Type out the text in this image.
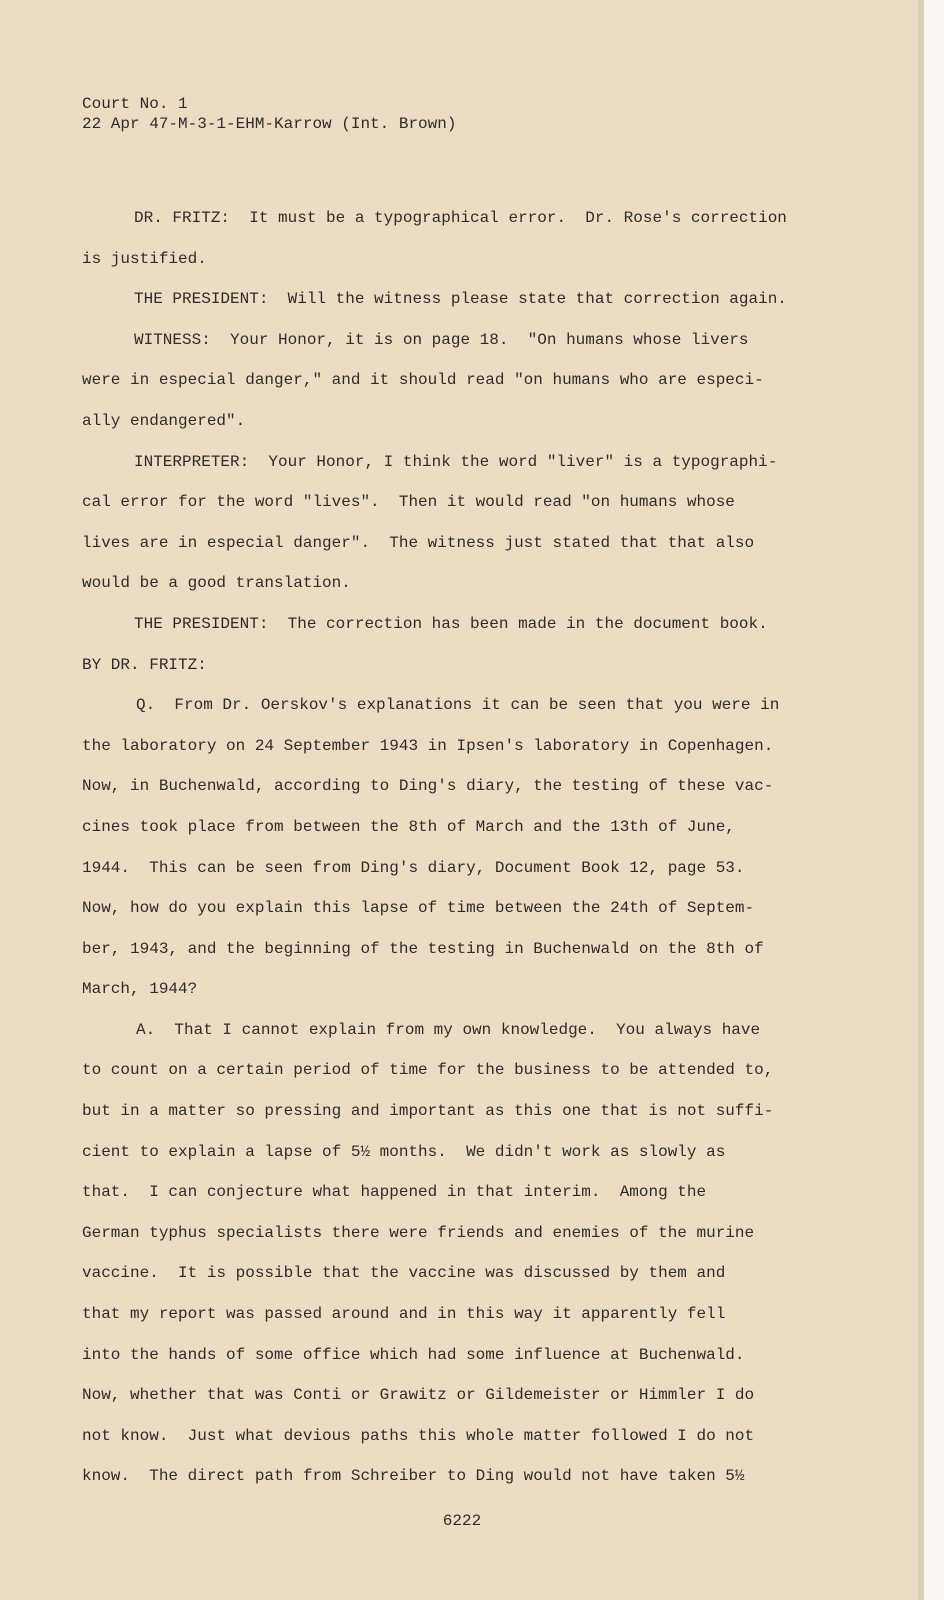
Court No. 1
22 Apr 47-M-3-1-EHM-Karrow (Int. Brown)
DR. FRITZ:  It must be a typographical error.  Dr. Rose's correction
is justified.
THE PRESIDENT:  Will the witness please state that correction again.
WITNESS:  Your Honor, it is on page 18.  "On humans whose livers
were in especial danger," and it should read "on humans who are especi-
ally endangered".
INTERPRETER:  Your Honor, I think the word "liver" is a typographi-
cal error for the word "lives".  Then it would read "on humans whose
lives are in especial danger".  The witness just stated that that also
would be a good translation.
THE PRESIDENT:  The correction has been made in the document book.
BY DR. FRITZ:
Q.  From Dr. Oerskov's explanations it can be seen that you were in
the laboratory on 24 September 1943 in Ipsen's laboratory in Copenhagen.
Now, in Buchenwald, according to Ding's diary, the testing of these vac-
cines took place from between the 8th of March and the 13th of June,
1944.  This can be seen from Ding's diary, Document Book 12, page 53.
Now, how do you explain this lapse of time between the 24th of Septem-
ber, 1943, and the beginning of the testing in Buchenwald on the 8th of
March, 1944?
A.  That I cannot explain from my own knowledge.  You always have
to count on a certain period of time for the business to be attended to,
but in a matter so pressing and important as this one that is not suffi-
cient to explain a lapse of 5½ months.  We didn't work as slowly as
that.  I can conjecture what happened in that interim.  Among the
German typhus specialists there were friends and enemies of the murine
vaccine.  It is possible that the vaccine was discussed by them and
that my report was passed around and in this way it apparently fell
into the hands of some office which had some influence at Buchenwald.
Now, whether that was Conti or Grawitz or Gildemeister or Himmler I do
not know.  Just what devious paths this whole matter followed I do not
know.  The direct path from Schreiber to Ding would not have taken 5½
6222
